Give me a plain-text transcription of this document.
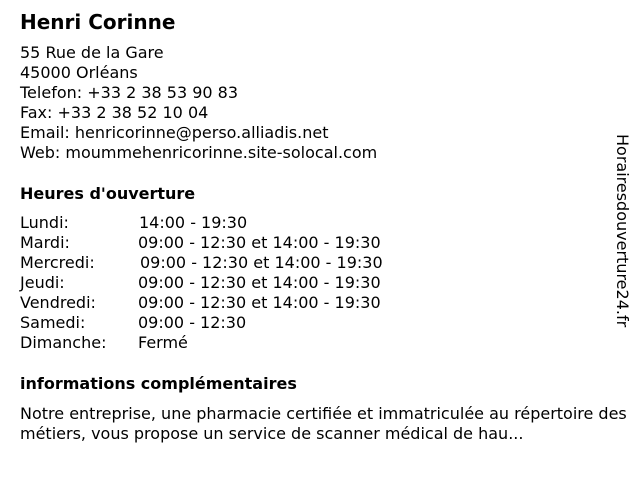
Henri Corinne
55 Rue de la Gare
45000 Orléans
Telefon: +33 2 38 53 90 83
Fax: +33 2 38 52 10 04
Email: henricorinne@perso.alliadis.net
Web: moummehenricorinne.site-solocal.com
Heures d'ouverture
Lundi:	14:00 - 19:30
Mardi:	09:00 - 12:30 et 14:00 - 19:30
Mercredi:	09:00 - 12:30 et 14:00 - 19:30
Jeudi:	09:00 - 12:30 et 14:00 - 19:30
Vendredi:	09:00 - 12:30 et 14:00 - 19:30
Samedi:	09:00 - 12:30
Dimanche: Fermé
informations complémentaires

Notre entreprise, une pharmacie certifiée et immatriculée au répertoire des métiers, vous propose un service de scanner médical de hau...

Horairesdouverture24.fr
